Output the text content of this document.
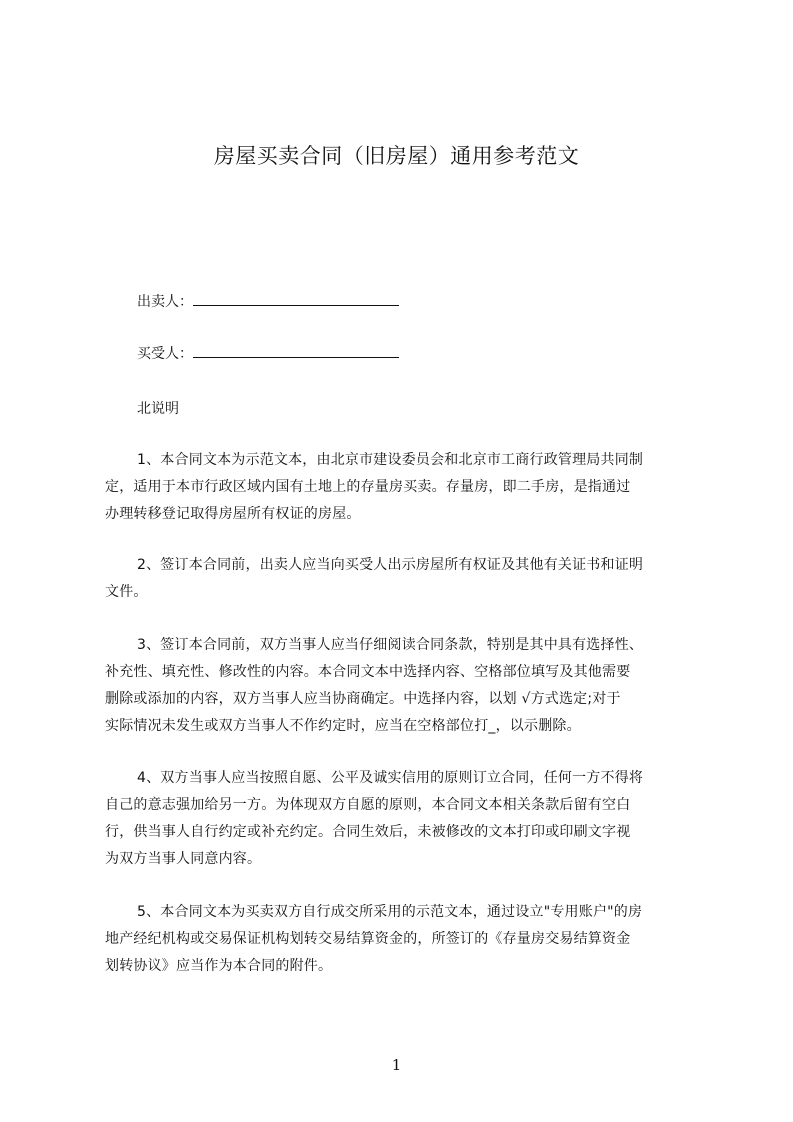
房屋买卖合同（旧房屋）通用参考范文
出卖人：
买受人：
北说明
1、本合同文本为示范文本，由北京市建设委员会和北京市工商行政管理局共同制
定，适用于本市行政区域内国有土地上的存量房买卖。存量房，即二手房，是指通过
办理转移登记取得房屋所有权证的房屋。
2、签订本合同前，出卖人应当向买受人出示房屋所有权证及其他有关证书和证明
文件。
3、签订本合同前，双方当事人应当仔细阅读合同条款，特别是其中具有选择性、
补充性、填充性、修改性的内容。本合同文本中选择内容、空格部位填写及其他需要
删除或添加的内容，双方当事人应当协商确定。中选择内容，以划 √方式选定;对于
实际情况未发生或双方当事人不作约定时，应当在空格部位打_，以示删除。
4、双方当事人应当按照自愿、公平及诚实信用的原则订立合同，任何一方不得将
自己的意志强加给另一方。为体现双方自愿的原则，本合同文本相关条款后留有空白
行，供当事人自行约定或补充约定。合同生效后，未被修改的文本打印或印刷文字视
为双方当事人同意内容。
5、本合同文本为买卖双方自行成交所采用的示范文本，通过设立"专用账户"的房
地产经纪机构或交易保证机构划转交易结算资金的，所签订的《存量房交易结算资金
划转协议》应当作为本合同的附件。
1
